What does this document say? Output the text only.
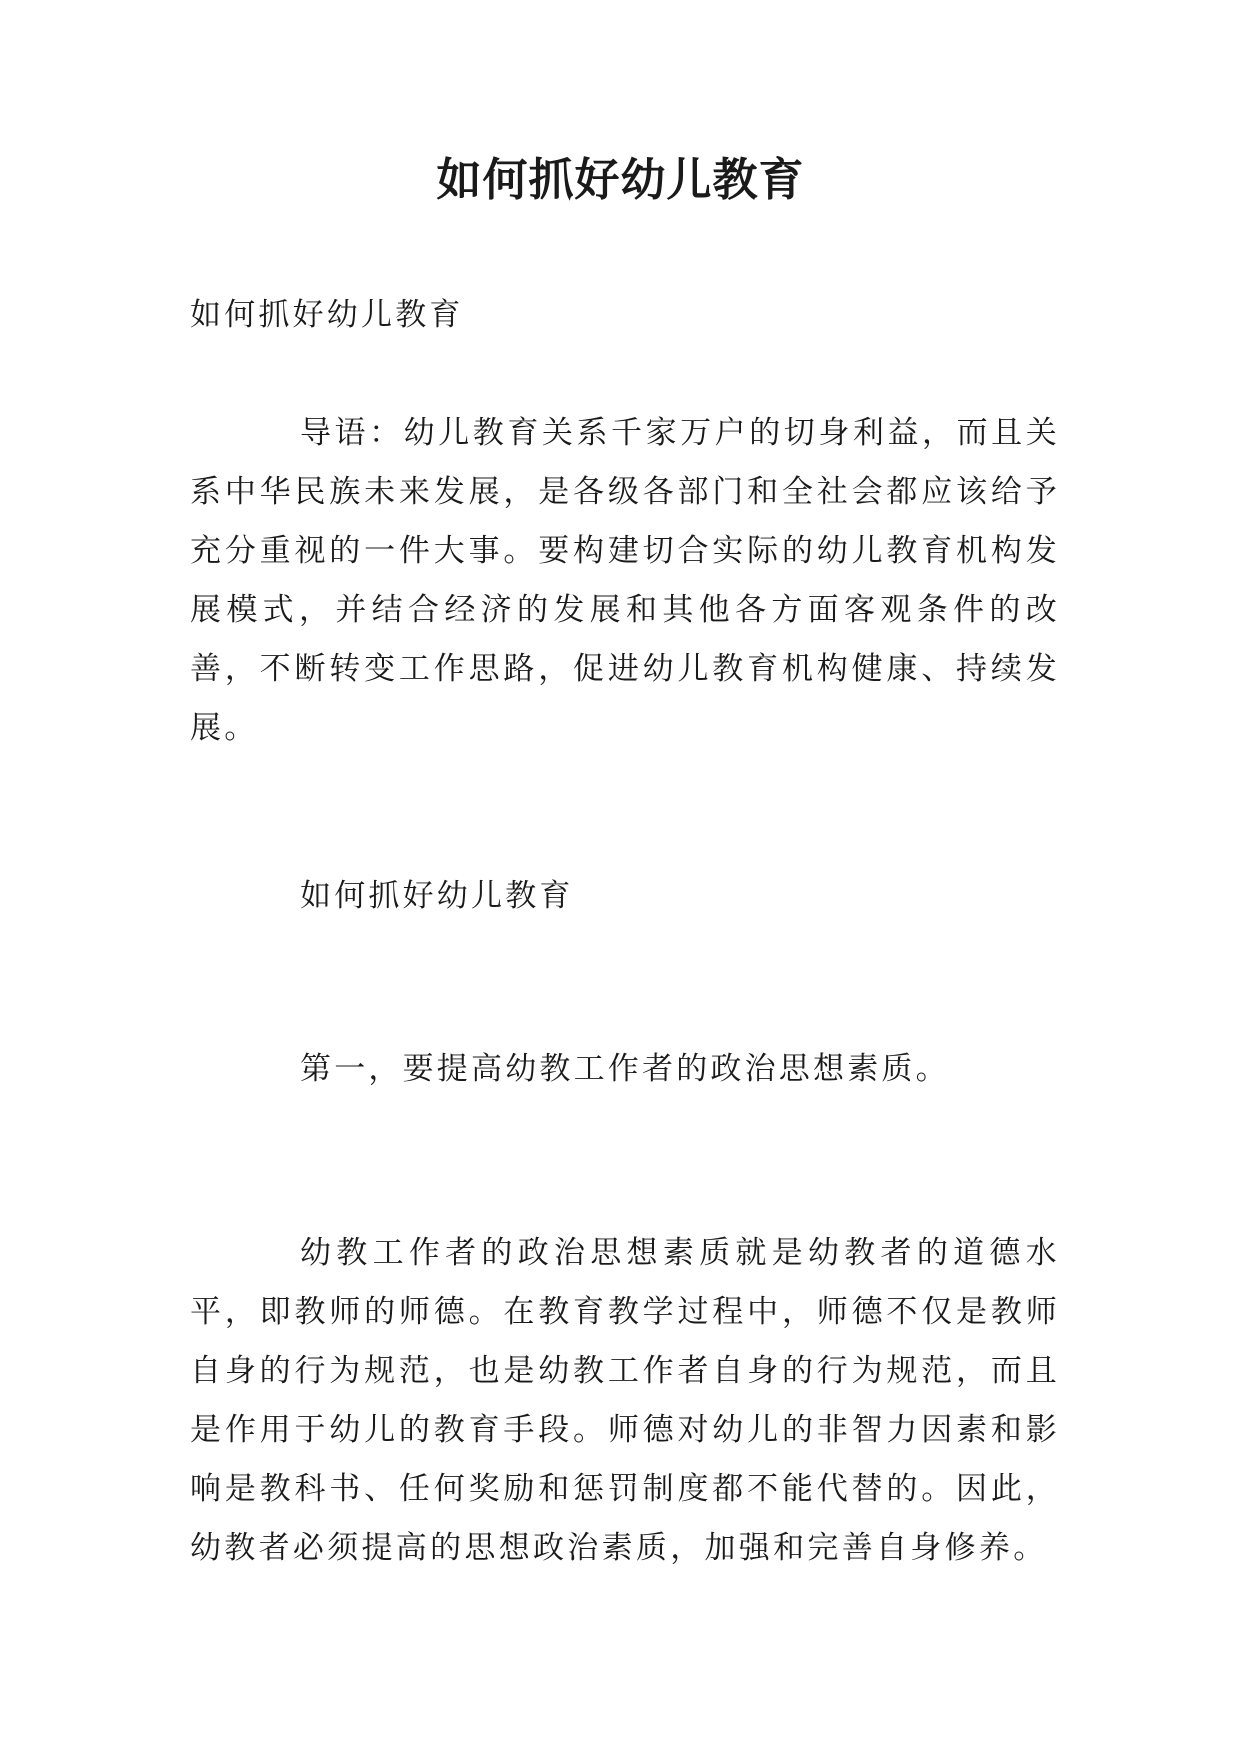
如何抓好幼儿教育

如何抓好幼儿教育

导语：幼儿教育关系千家万户的切身利益，而且关系中华民族未来发展，是各级各部门和全社会都应该给予充分重视的一件大事。要构建切合实际的幼儿教育机构发展模式，并结合经济的发展和其他各方面客观条件的改善，不断转变工作思路，促进幼儿教育机构健康、持续发展。

如何抓好幼儿教育

第一，要提高幼教工作者的政治思想素质。

幼教工作者的政治思想素质就是幼教者的道德水平，即教师的师德。在教育教学过程中，师德不仅是教师自身的行为规范，也是幼教工作者自身的行为规范，而且是作用于幼儿的教育手段。师德对幼儿的非智力因素和影响是教科书、任何奖励和惩罚制度都不能代替的。因此，幼教者必须提高的思想政治素质，加强和完善自身修养。
